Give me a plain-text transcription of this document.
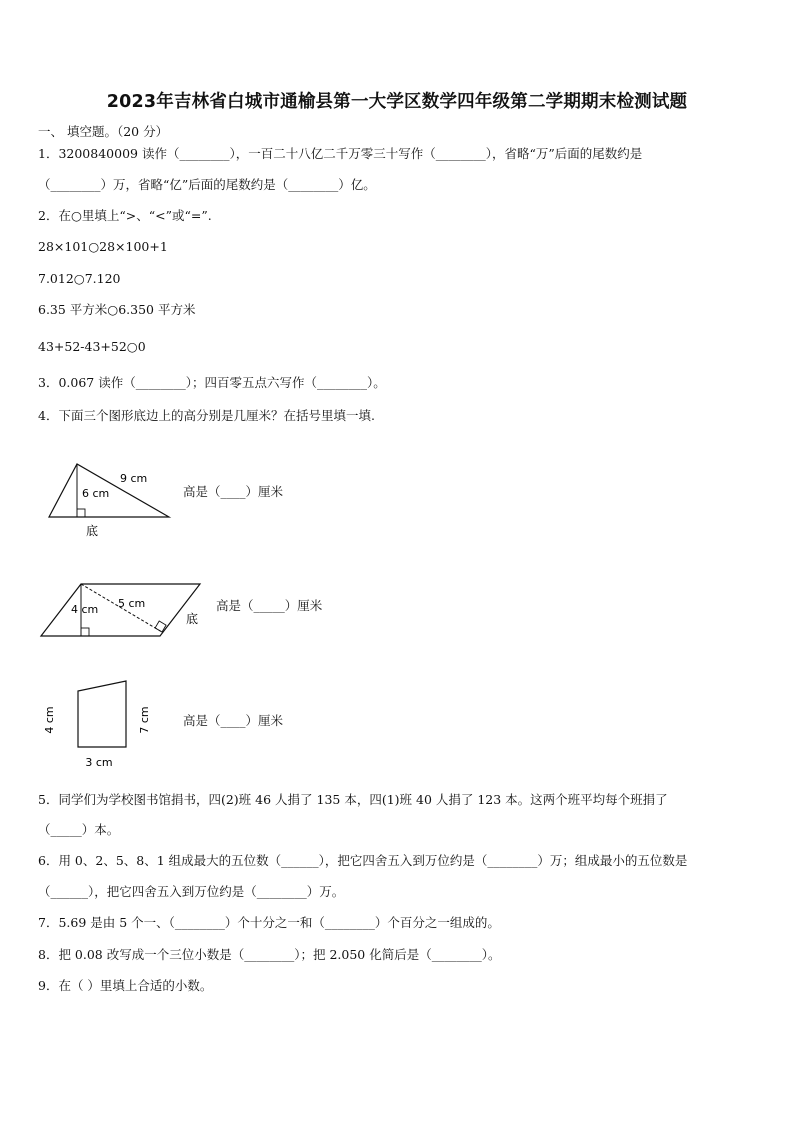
2023年吉林省白城市通榆县第一大学区数学四年级第二学期期末检测试题
一、 填空题。（20 分）
1．3200840009 读作（________），一百二十八亿二千万零三十写作（________），省略“万”后面的尾数约是
（________）万，省略“亿”后面的尾数约是（________）亿。
2．在○里填上“>、“<”或“=”.
28×101○28×100+1
7.012○7.120
6.35 平方米○6.350 平方米
43+52-43+52○0
3．0.067 读作（________）；四百零五点六写作（________）。
4．下面三个图形底边上的高分别是几厘米？在括号里填一填.
9 cm
6 cm
底
高是（____）厘米
4 cm 5 cm
底
高是（_____）厘米
4 cm	7 cm
3 cm
高是（____）厘米
5．同学们为学校图书馆捐书，四(2)班 46 人捐了 135 本，四(1)班 40 人捐了 123 本。这两个班平均每个班捐了
（_____）本。
6．用 0、2、5、8、1 组成最大的五位数（______），把它四舍五入到万位约是（________）万；组成最小的五位数是
（______），把它四舍五入到万位约是（________）万。
7．5.69 是由 5 个一、（________）个十分之一和（________）个百分之一组成的。
8．把 0.08 改写成一个三位小数是（________）；把 2.050 化简后是（________）。
9．在（ ）里填上合适的小数。
